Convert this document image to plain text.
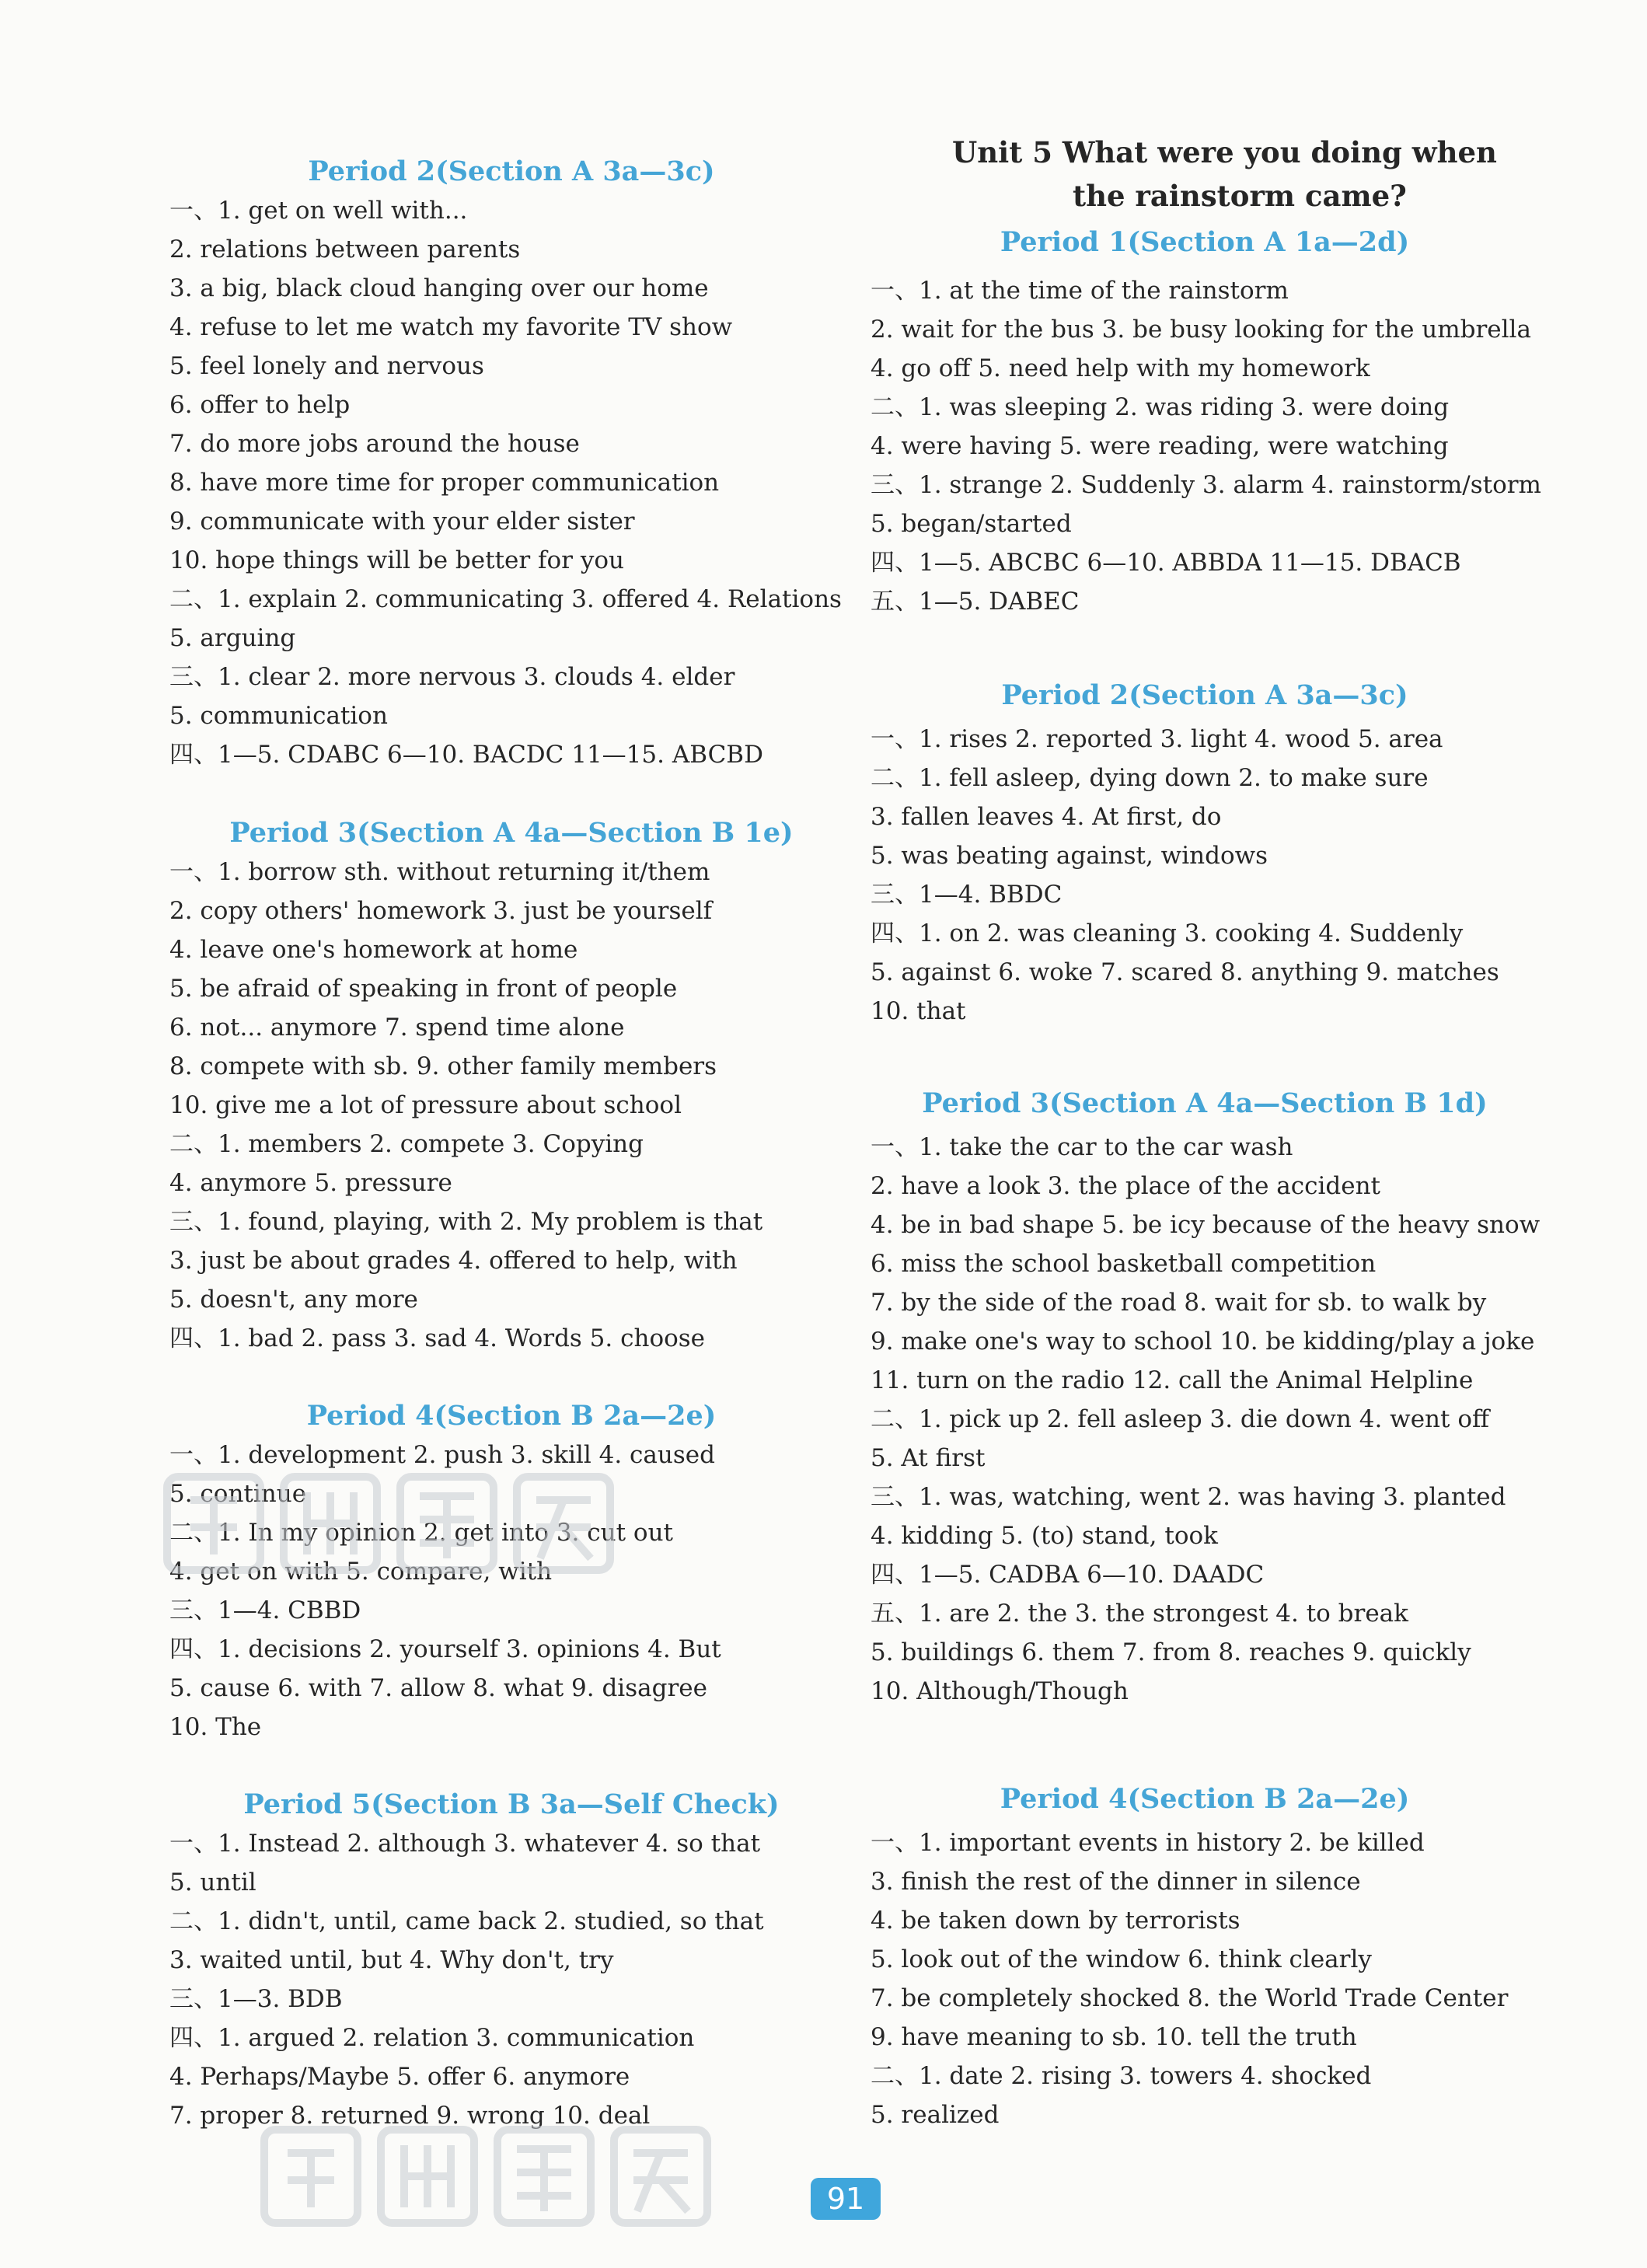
Period 2(Section A 3a—3c)
一、1. get on well with...
2. relations between parents
3. a big, black cloud hanging over our home
4. refuse to let me watch my favorite TV show
5. feel lonely and nervous
6. offer to help
7. do more jobs around the house
8. have more time for proper communication
9. communicate with your elder sister
10. hope things will be better for you
二、1. explain 2. communicating 3. offered 4. Relations
5. arguing
三、1. clear 2. more nervous 3. clouds 4. elder
5. communication
四、1—5. CDABC 6—10. BACDC 11—15. ABCBD
Period 3(Section A 4a—Section B 1e)
一、1. borrow sth. without returning it/them
2. copy others' homework 3. just be yourself
4. leave one's homework at home
5. be afraid of speaking in front of people
6. not... anymore 7. spend time alone
8. compete with sb. 9. other family members
10. give me a lot of pressure about school
二、1. members 2. compete 3. Copying
4. anymore 5. pressure
三、1. found, playing, with 2. My problem is that
3. just be about grades 4. offered to help, with
5. doesn't, any more
四、1. bad 2. pass 3. sad 4. Words 5. choose
Period 4(Section B 2a—2e)
一、1. development 2. push 3. skill 4. caused
5. continue
二、1. In my opinion 2. get into 3. cut out
4. get on with 5. compare, with
三、1—4. CBBD
四、1. decisions 2. yourself 3. opinions 4. But
5. cause 6. with 7. allow 8. what 9. disagree
10. The
Period 5(Section B 3a—Self Check)
一、1. Instead 2. although 3. whatever 4. so that
5. until
二、1. didn't, until, came back 2. studied, so that
3. waited until, but 4. Why don't, try
三、1—3. BDB
四、1. argued 2. relation 3. communication
4. Perhaps/Maybe 5. offer 6. anymore
7. proper 8. returned 9. wrong 10. deal
Unit 5 What were you doing when
the rainstorm came?
Period 1(Section A 1a—2d)
一、1. at the time of the rainstorm
2. wait for the bus 3. be busy looking for the umbrella
4. go off 5. need help with my homework
二、1. was sleeping 2. was riding 3. were doing
4. were having 5. were reading, were watching
三、1. strange 2. Suddenly 3. alarm 4. rainstorm/storm
5. began/started
四、1—5. ABCBC 6—10. ABBDA 11—15. DBACB
五、1—5. DABEC
Period 2(Section A 3a—3c)
一、1. rises 2. reported 3. light 4. wood 5. area
二、1. fell asleep, dying down 2. to make sure
3. fallen leaves 4. At first, do
5. was beating against, windows
三、1—4. BBDC
四、1. on 2. was cleaning 3. cooking 4. Suddenly
5. against 6. woke 7. scared 8. anything 9. matches
10. that
Period 3(Section A 4a—Section B 1d)
一、1. take the car to the car wash
2. have a look 3. the place of the accident
4. be in bad shape 5. be icy because of the heavy snow
6. miss the school basketball competition
7. by the side of the road 8. wait for sb. to walk by
9. make one's way to school 10. be kidding/play a joke
11. turn on the radio 12. call the Animal Helpline
二、1. pick up 2. fell asleep 3. die down 4. went off
5. At first
三、1. was, watching, went 2. was having 3. planted
4. kidding 5. (to) stand, took
四、1—5. CADBA 6—10. DAADC
五、1. are 2. the 3. the strongest 4. to break
5. buildings 6. them 7. from 8. reaches 9. quickly
10. Although/Though
Period 4(Section B 2a—2e)
一、1. important events in history 2. be killed
3. finish the rest of the dinner in silence
4. be taken down by terrorists
5. look out of the window 6. think clearly
7. be completely shocked 8. the World Trade Center
9. have meaning to sb. 10. tell the truth
二、1. date 2. rising 3. towers 4. shocked
5. realized
91
